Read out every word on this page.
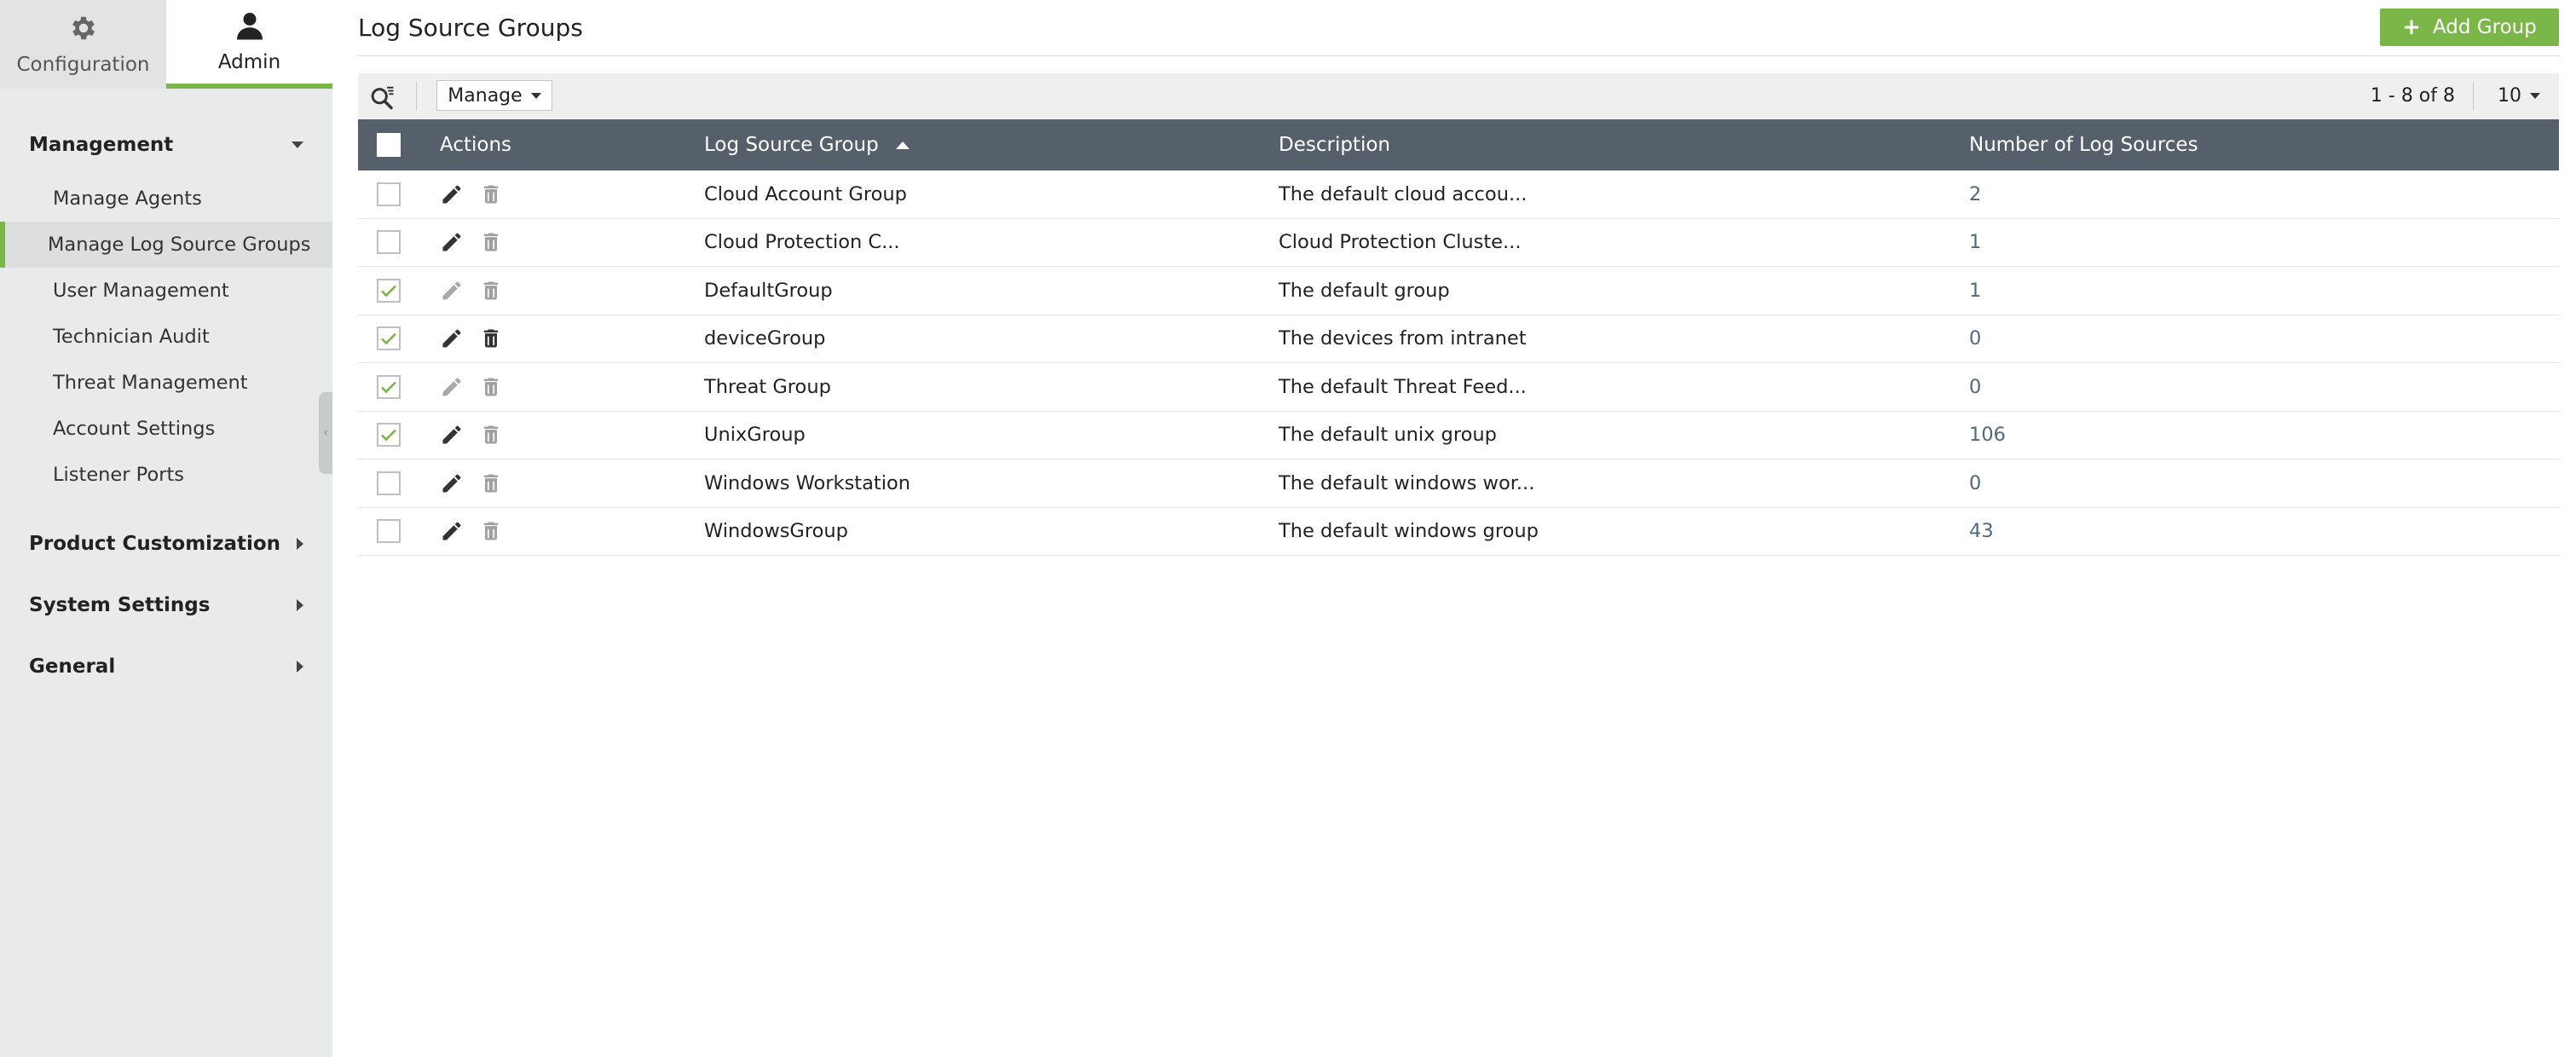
Configuration	Admin
Management
Manage Agents
Manage Log Source Groups
User Management
Technician Audit
Threat Management
Account Settings
Listener Ports
Product Customization
System Settings
General
‹
Log Source Groups	+ Add Group
Manage	1 - 8 of 8 10
Actions	Log Source Group	Description	Number of Log Sources
Cloud Account Group	The default cloud accou...	2
Cloud Protection C...	Cloud Protection Cluste...	1
DefaultGroup	The default group	1
deviceGroup	The devices from intranet	0
Threat Group	The default Threat Feed...	0
UnixGroup	The default unix group	106
Windows Workstation	The default windows wor...	0
WindowsGroup	The default windows group	43
